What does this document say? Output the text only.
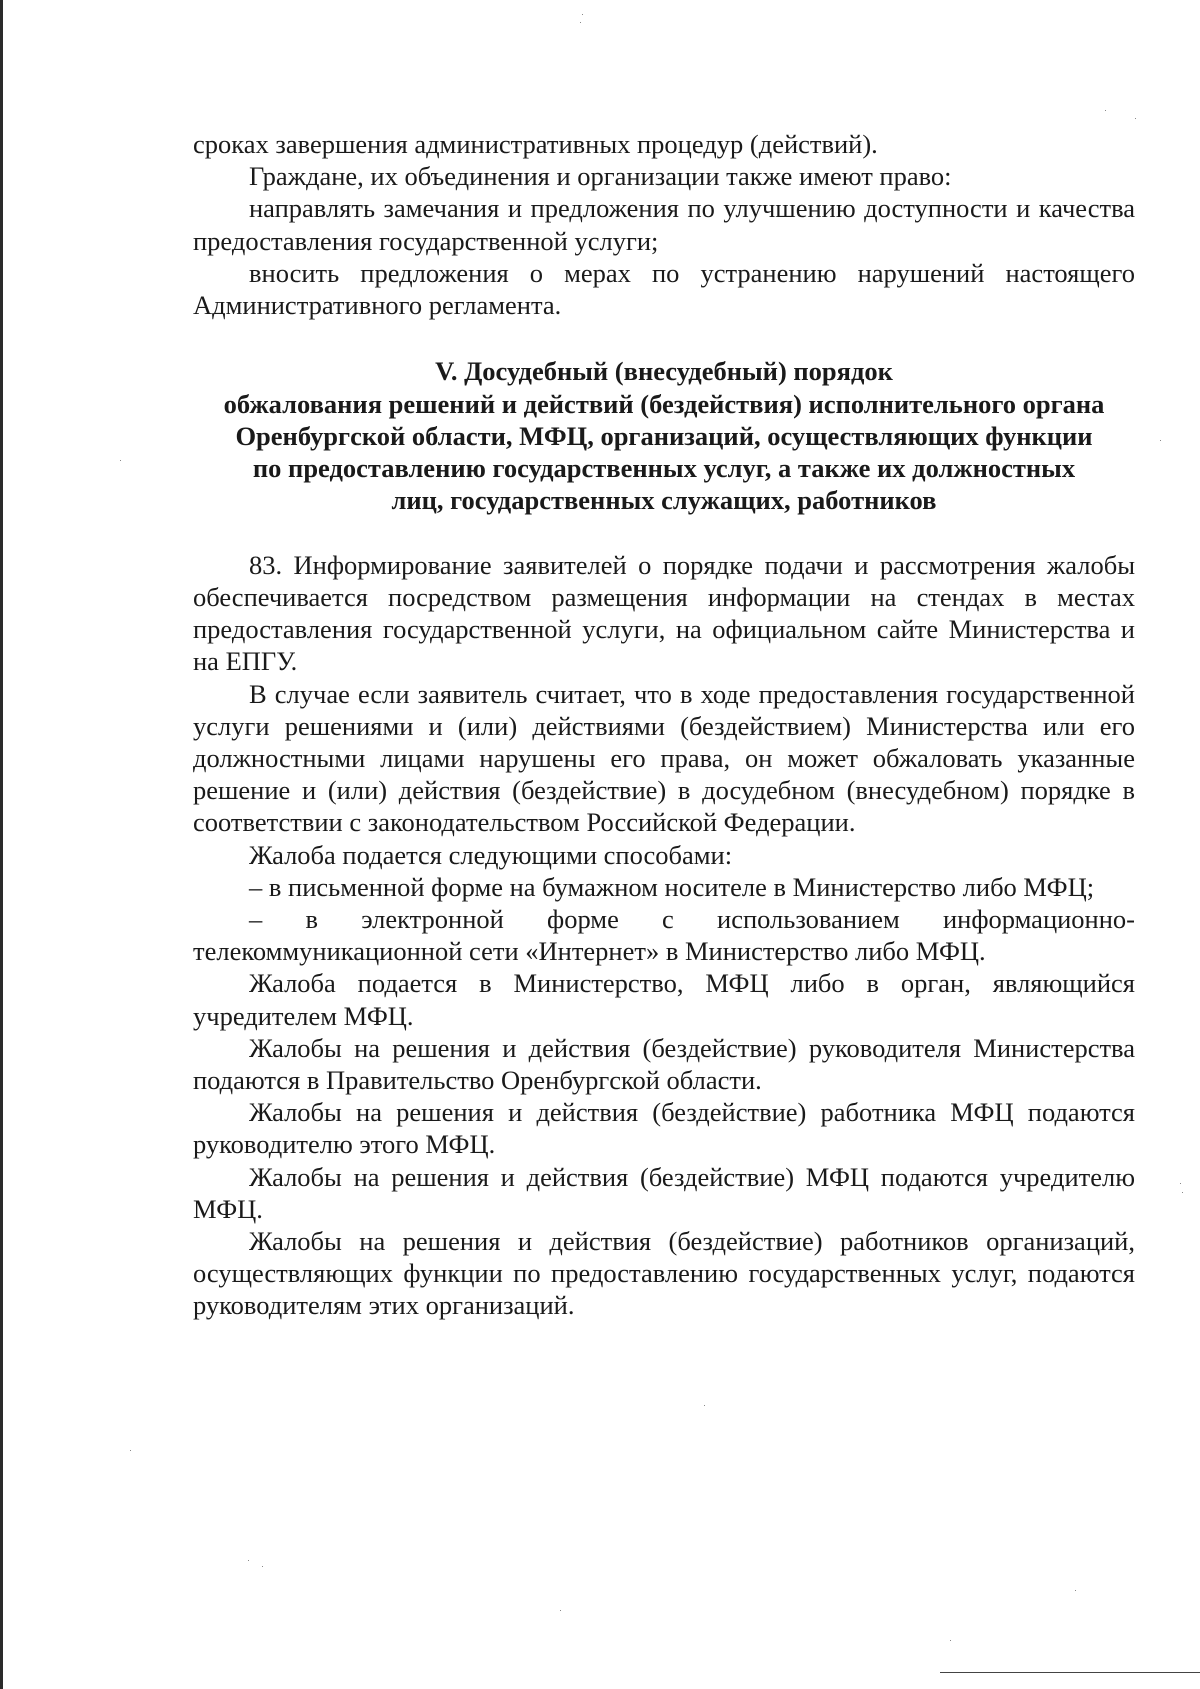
сроках завершения административных процедур (действий).

Граждане, их объединения и организации также имеют право:

направлять замечания и предложения по улучшению доступности и качества предоставления государственной услуги;

вносить предложения о мерах по устранению нарушений настоящего Административного регламента.

V. Досудебный (внесудебный) порядок
обжалования решений и действий (бездействия) исполнительного органа
Оренбургской области, МФЦ, организаций, осуществляющих функции
по предоставлению государственных услуг, а также их должностных
лиц, государственных служащих, работников

83. Информирование заявителей о порядке подачи и рассмотрения жалобы обеспечивается посредством размещения информации на стендах в местах предоставления государственной услуги, на официальном сайте Министерства и на ЕПГУ.

В случае если заявитель считает, что в ходе предоставления государственной услуги решениями и (или) действиями (бездействием) Министерства или его должностными лицами нарушены его права, он может обжаловать указанные решение и (или) действия (бездействие) в досудебном (внесудебном) порядке в соответствии с законодательством Российской Федерации.

Жалоба подается следующими способами:

– в письменной форме на бумажном носителе в Министерство либо МФЦ;

– в электронной форме с использованием информационно-телекоммуникационной сети «Интернет» в Министерство либо МФЦ.

Жалоба подается в Министерство, МФЦ либо в орган, являющийся учредителем МФЦ.

Жалобы на решения и действия (бездействие) руководителя Министерства подаются в Правительство Оренбургской области.

Жалобы на решения и действия (бездействие) работника МФЦ подаются руководителю этого МФЦ.

Жалобы на решения и действия (бездействие) МФЦ подаются учредителю МФЦ.

Жалобы на решения и действия (бездействие) работников организаций, осуществляющих функции по предоставлению государственных услуг, подаются руководителям этих организаций.
